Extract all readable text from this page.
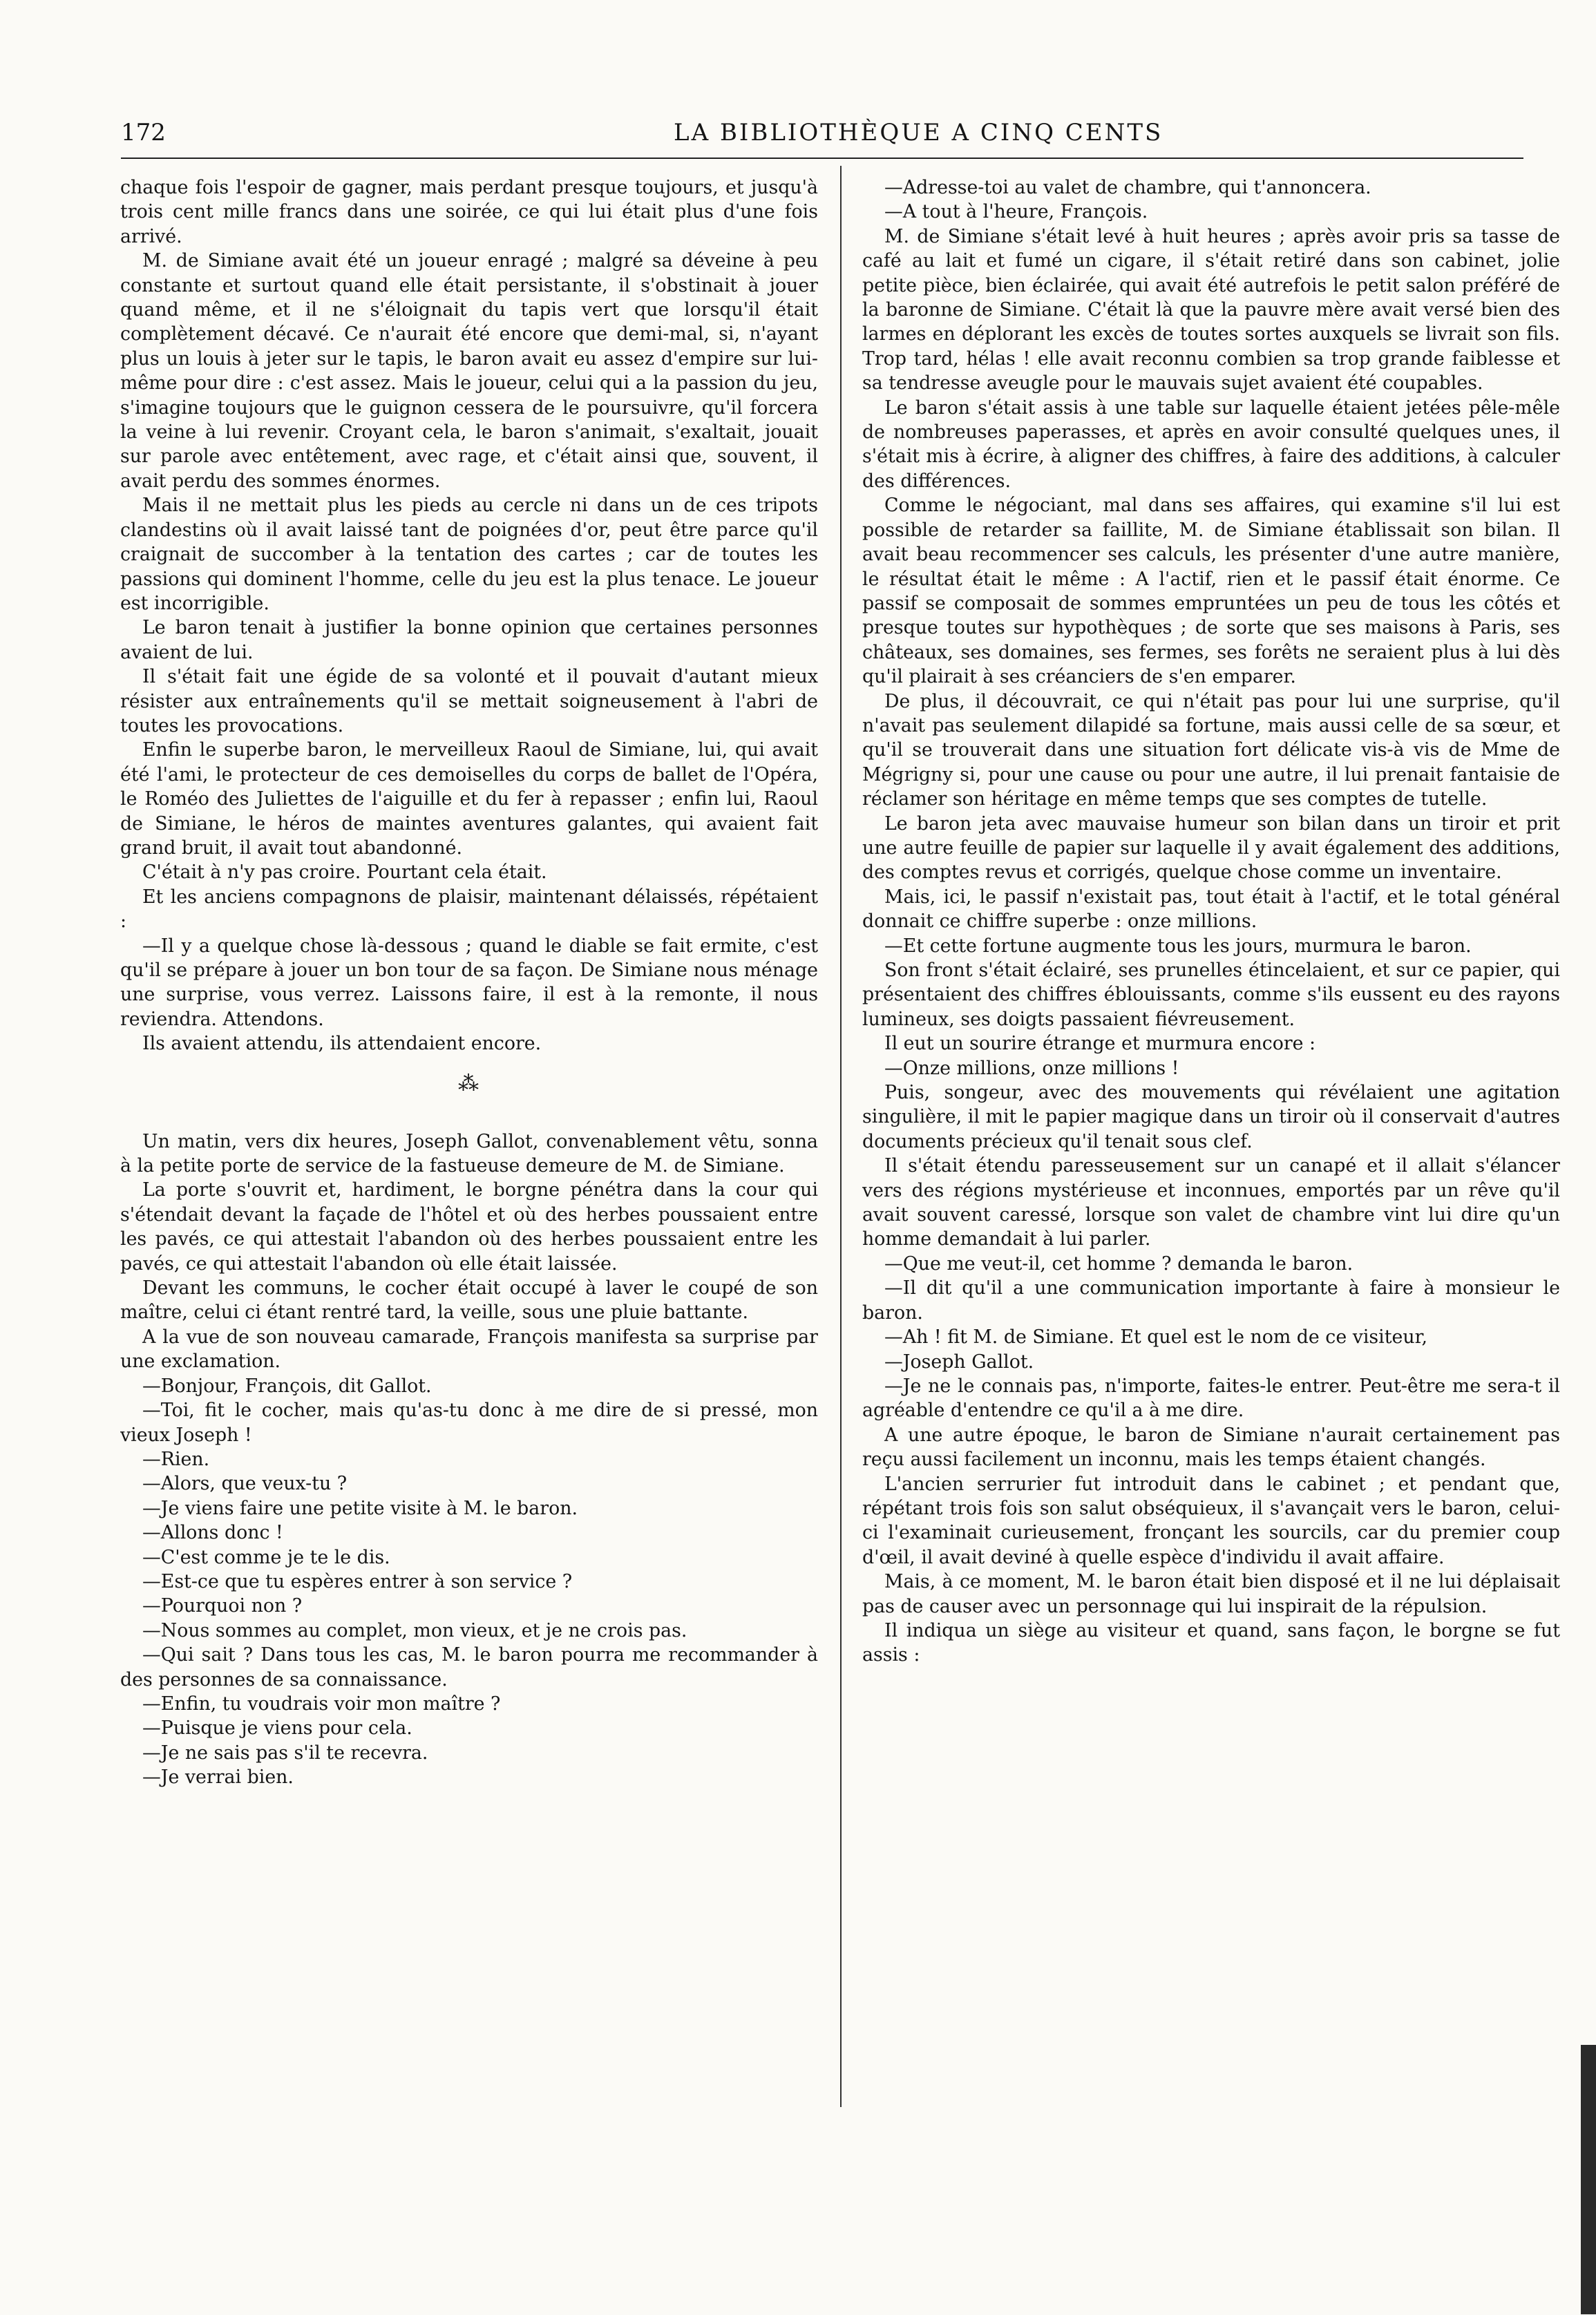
172	LA BIBLIOTHÈQUE A CINQ CENTS

chaque fois l'espoir de gagner, mais perdant presque toujours, et jusqu'à trois cent mille francs dans une soirée, ce qui lui était plus d'une fois arrivé.

M. de Simiane avait été un joueur enragé ; malgré sa déveine à peu constante et surtout quand elle était persistante, il s'obstinait à jouer quand même, et il ne s'éloignait du tapis vert que lorsqu'il était complètement décavé. Ce n'aurait été encore que demi-mal, si, n'ayant plus un louis à jeter sur le tapis, le baron avait eu assez d'empire sur lui-même pour dire : c'est assez. Mais le joueur, celui qui a la passion du jeu, s'imagine toujours que le guignon cessera de le poursuivre, qu'il forcera la veine à lui revenir. Croyant cela, le baron s'animait, s'exaltait, jouait sur parole avec entêtement, avec rage, et c'était ainsi que, souvent, il avait perdu des sommes énormes.

Mais il ne mettait plus les pieds au cercle ni dans un de ces tripots clandestins où il avait laissé tant de poignées d'or, peut être parce qu'il craignait de succomber à la tentation des cartes ; car de toutes les passions qui dominent l'homme, celle du jeu est la plus tenace. Le joueur est incorrigible.

Le baron tenait à justifier la bonne opinion que certaines personnes avaient de lui.

Il s'était fait une égide de sa volonté et il pouvait d'autant mieux résister aux entraînements qu'il se mettait soigneusement à l'abri de toutes les provocations.

Enfin le superbe baron, le merveilleux Raoul de Simiane, lui, qui avait été l'ami, le protecteur de ces demoiselles du corps de ballet de l'Opéra, le Roméo des Juliettes de l'aiguille et du fer à repasser ; enfin lui, Raoul de Simiane, le héros de maintes aventures galantes, qui avaient fait grand bruit, il avait tout abandonné.

C'était à n'y pas croire. Pourtant cela était.

Et les anciens compagnons de plaisir, maintenant délaissés, répétaient :

—Il y a quelque chose là-dessous ; quand le diable se fait ermite, c'est qu'il se prépare à jouer un bon tour de sa façon. De Simiane nous ménage une surprise, vous verrez. Laissons faire, il est à la remonte, il nous reviendra. Attendons.

Ils avaient attendu, ils attendaient encore.

⁂

Un matin, vers dix heures, Joseph Gallot, convenablement vêtu, sonna à la petite porte de service de la fastueuse demeure de M. de Simiane.

La porte s'ouvrit et, hardiment, le borgne pénétra dans la cour qui s'étendait devant la façade de l'hôtel et où des herbes poussaient entre les pavés, ce qui attestait l'abandon où des herbes poussaient entre les pavés, ce qui attestait l'abandon où elle était laissée.

Devant les communs, le cocher était occupé à laver le coupé de son maître, celui ci étant rentré tard, la veille, sous une pluie battante.

A la vue de son nouveau camarade, François manifesta sa surprise par une exclamation.

—Bonjour, François, dit Gallot.

—Toi, fit le cocher, mais qu'as-tu donc à me dire de si pressé, mon vieux Joseph !

—Rien.

—Alors, que veux-tu ?

—Je viens faire une petite visite à M. le baron.

—Allons donc !

—C'est comme je te le dis.

—Est-ce que tu espères entrer à son service ?

—Pourquoi non ?

—Nous sommes au complet, mon vieux, et je ne crois pas.

—Qui sait ? Dans tous les cas, M. le baron pourra me recommander à des personnes de sa connaissance.

—Enfin, tu voudrais voir mon maître ?

—Puisque je viens pour cela.

—Je ne sais pas s'il te recevra.

—Je verrai bien.

—Adresse-toi au valet de chambre, qui t'annoncera.

—A tout à l'heure, François.

M. de Simiane s'était levé à huit heures ; après avoir pris sa tasse de café au lait et fumé un cigare, il s'était retiré dans son cabinet, jolie petite pièce, bien éclairée, qui avait été autrefois le petit salon préféré de la baronne de Simiane. C'était là que la pauvre mère avait versé bien des larmes en déplorant les excès de toutes sortes auxquels se livrait son fils. Trop tard, hélas ! elle avait reconnu combien sa trop grande faiblesse et sa tendresse aveugle pour le mauvais sujet avaient été coupables.

Le baron s'était assis à une table sur laquelle étaient jetées pêle-mêle de nombreuses paperasses, et après en avoir consulté quelques unes, il s'était mis à écrire, à aligner des chiffres, à faire des additions, à calculer des différences.

Comme le négociant, mal dans ses affaires, qui examine s'il lui est possible de retarder sa faillite, M. de Simiane établissait son bilan. Il avait beau recommencer ses calculs, les présenter d'une autre manière, le résultat était le même : A l'actif, rien et le passif était énorme. Ce passif se composait de sommes empruntées un peu de tous les côtés et presque toutes sur hypothèques ; de sorte que ses maisons à Paris, ses châteaux, ses domaines, ses fermes, ses forêts ne seraient plus à lui dès qu'il plairait à ses créanciers de s'en emparer.

De plus, il découvrait, ce qui n'était pas pour lui une surprise, qu'il n'avait pas seulement dilapidé sa fortune, mais aussi celle de sa sœur, et qu'il se trouverait dans une situation fort délicate vis-à vis de Mme de Mégrigny si, pour une cause ou pour une autre, il lui prenait fantaisie de réclamer son héritage en même temps que ses comptes de tutelle.

Le baron jeta avec mauvaise humeur son bilan dans un tiroir et prit une autre feuille de papier sur laquelle il y avait également des additions, des comptes revus et corrigés, quelque chose comme un inventaire.

Mais, ici, le passif n'existait pas, tout était à l'actif, et le total général donnait ce chiffre superbe : onze millions.

—Et cette fortune augmente tous les jours, murmura le baron.

Son front s'était éclairé, ses prunelles étincelaient, et sur ce papier, qui présentaient des chiffres éblouissants, comme s'ils eussent eu des rayons lumineux, ses doigts passaient fiévreusement.

Il eut un sourire étrange et murmura encore :

—Onze millions, onze millions !

Puis, songeur, avec des mouvements qui révélaient une agitation singulière, il mit le papier magique dans un tiroir où il conservait d'autres documents précieux qu'il tenait sous clef.

Il s'était étendu paresseusement sur un canapé et il allait s'élancer vers des régions mystérieuse et inconnues, emportés par un rêve qu'il avait souvent caressé, lorsque son valet de chambre vint lui dire qu'un homme demandait à lui parler.

—Que me veut-il, cet homme ? demanda le baron.

—Il dit qu'il a une communication importante à faire à monsieur le baron.

—Ah ! fit M. de Simiane. Et quel est le nom de ce visiteur,

—Joseph Gallot.

—Je ne le connais pas, n'importe, faites-le entrer. Peut-être me sera-t il agréable d'entendre ce qu'il a à me dire.

A une autre époque, le baron de Simiane n'aurait certainement pas reçu aussi facilement un inconnu, mais les temps étaient changés.

L'ancien serrurier fut introduit dans le cabinet ; et pendant que, répétant trois fois son salut obséquieux, il s'avançait vers le baron, celui-ci l'examinait curieusement, fronçant les sourcils, car du premier coup d'œil, il avait deviné à quelle espèce d'individu il avait affaire.

Mais, à ce moment, M. le baron était bien disposé et il ne lui déplaisait pas de causer avec un personnage qui lui inspirait de la répulsion.

Il indiqua un siège au visiteur et quand, sans façon, le borgne se fut assis :
